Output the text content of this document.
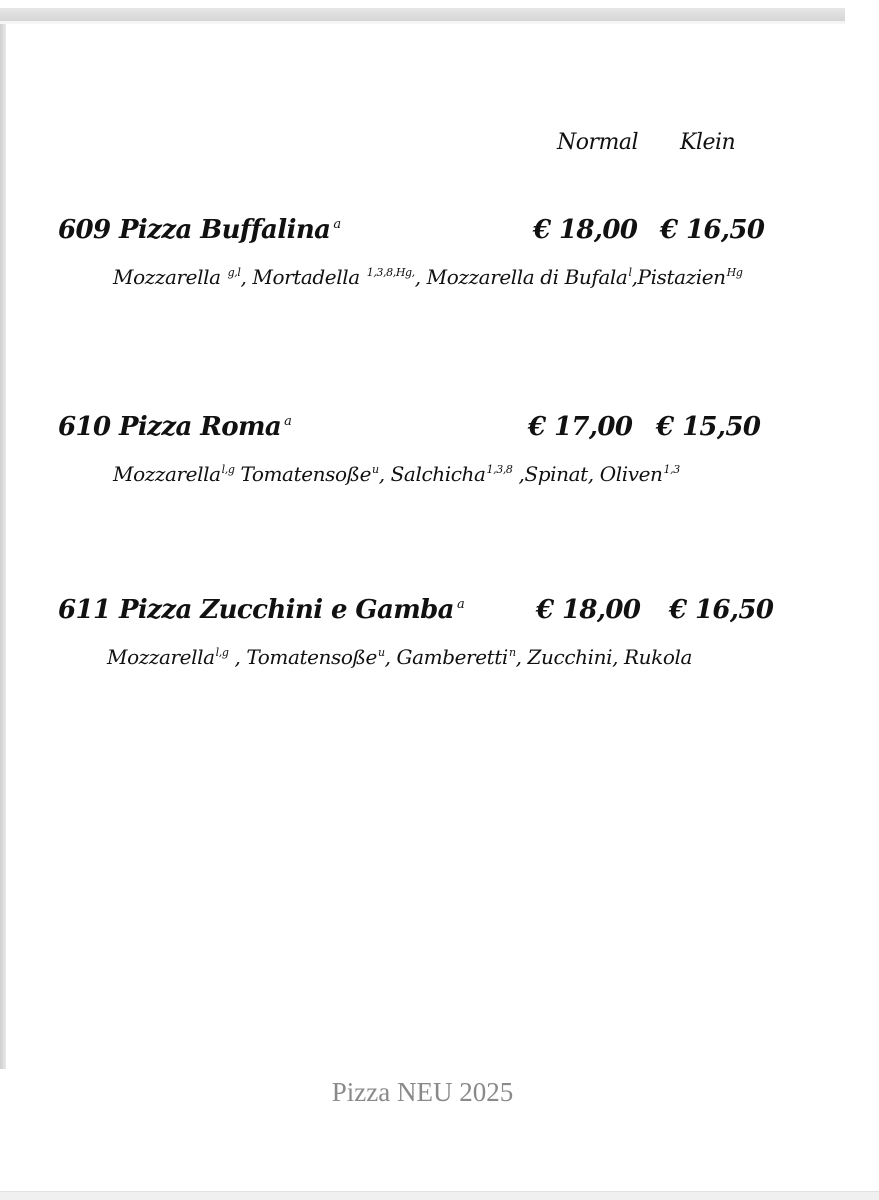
Normal Klein
609 Pizza Buffalina $^a$	€ 18,00 € 16,50
Mozzarella $^{g,l}$, Mortadella $^{1,3,8,Hg,}$, Mozzarella di Bufala$^l$,Pistazien$^{Hg}$
610 Pizza Roma $^a$	€ 17,00 € 15,50
Mozzarella$^{l,g}$ Tomatensoße$^u$, Salchicha$^{1,3,8}$ ,Spinat, Oliven$^{1,3}$
611 Pizza Zucchini e Gamba $^a$	€ 18,00 € 16,50
Mozzarella$^{l,g}$ , Tomatensoße$^u$, Gamberetti$^n$, Zucchini, Rukola
Pizza NEU 2025
